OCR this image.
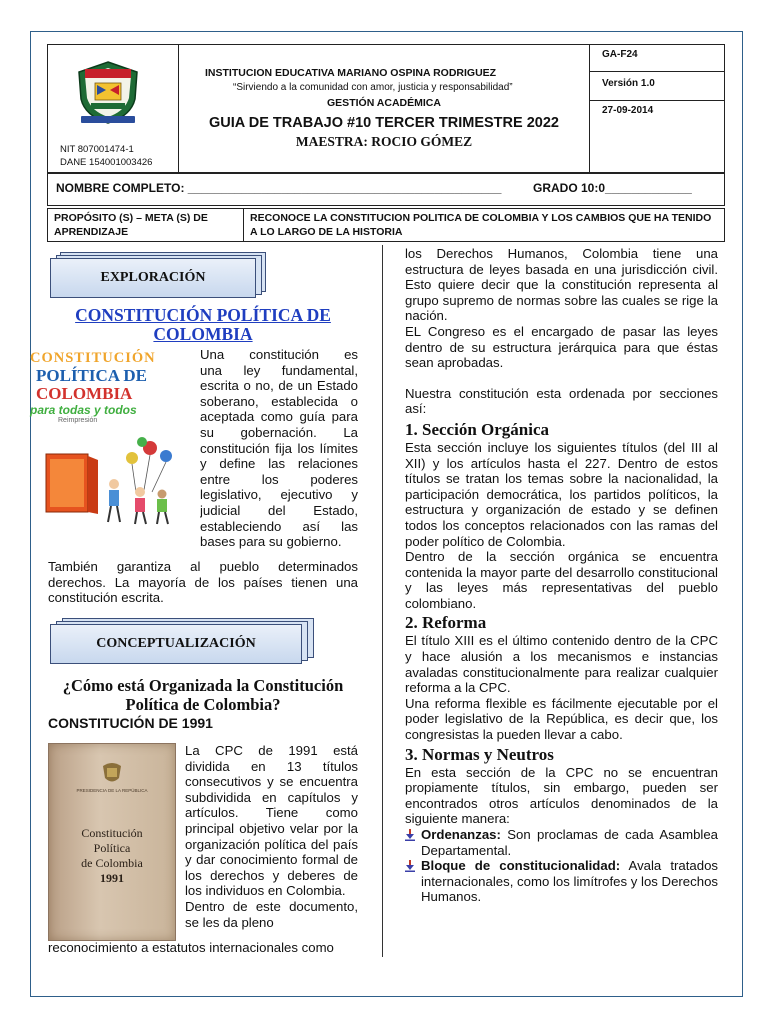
NIT 807001474-1
DANE 154001003426

INSTITUCION EDUCATIVA MARIANO OSPINA RODRIGUEZ
“Sirviendo a la comunidad con amor, justicia y responsabilidad”
GESTIÓN ACADÉMICA
GUIA DE TRABAJO #10 TERCER TRIMESTRE 2022
MAESTRA: ROCIO GÓMEZ

GA-F24

Versión 1.0

27-09-2014
NOMBRE COMPLETO: _______________________________________________	GRADO 10:0_____________
PROPÓSITO (S) – META (S) DE APRENDIZAJE	RECONOCE LA CONSTITUCION POLITICA DE COLOMBIA Y LOS CAMBIOS QUE HA TENIDO A LO LARGO DE LA HISTORIA
EXPLORACIÓN
CONSTITUCIÓN POLÍTICA DE
COLOMBIA
CONSTITUCIÓN
POLÍTICA DE
COLOMBIA
para todas y todos
Reimpresión
Una constitución es
una ley fundamental,
escrita o no, de un Estado
soberano, establecida o
aceptada como guía para
su gobernación. La
constitución fija los límites
y define las relaciones
entre los poderes
legislativo, ejecutivo y
judicial del Estado,
estableciendo así las
bases para su gobierno.
También garantiza al pueblo determinados derechos. La mayoría de los países tienen una constitución escrita.
CONCEPTUALIZACIÓN
¿Cómo está Organizada la Constitución
Política de Colombia?
CONSTITUCIÓN DE 1991
PRESIDENCIA DE LA REPÚBLICA
Constitución
Política
de Colombia
1991

La CPC de 1991 está dividida en 13 títulos consecutivos y se encuentra subdividida en capítulos y artículos. Tiene como principal objetivo velar por la organización política del país y dar conocimiento formal de los derechos y deberes de los individuos en Colombia.

Dentro de este documento, se les da pleno

reconocimiento a estatutos internacionales como

los Derechos Humanos, Colombia tiene una estructura de leyes basada en una jurisdicción civil. Esto quiere decir que la constitución representa al grupo supremo de normas sobre las cuales se rige la nación.

EL Congreso es el encargado de pasar las leyes dentro de su estructura jerárquica para que éstas sean aprobadas.

Nuestra constitución esta ordenada por secciones así:

1. Sección Orgánica

Esta sección incluye los siguientes títulos (del III al XII) y los artículos hasta el 227. Dentro de estos títulos se tratan los temas sobre la nacionalidad, la participación democrática, los partidos políticos, la estructura y organización de estado y se definen todos los conceptos relacionados con las ramas del poder político de Colombia.

Dentro de la sección orgánica se encuentra contenida la mayor parte del desarrollo constitucional y las leyes más representativas del pueblo colombiano.

2. Reforma

El título XIII es el último contenido dentro de la CPC y hace alusión a los mecanismos e instancias avaladas constitucionalmente para realizar cualquier reforma a la CPC.

Una reforma flexible es fácilmente ejecutable por el poder legislativo de la República, es decir que, los congresistas la pueden llevar a cabo.

3. Normas y Neutros

En esta sección de la CPC no se encuentran propiamente títulos, sin embargo, pueden ser encontrados otros artículos denominados de la siguiente manera:

Ordenanzas: Son proclamas de cada Asamblea Departamental.
Bloque de constitucionalidad: Avala tratados internacionales, como los limítrofes y los Derechos Humanos.
